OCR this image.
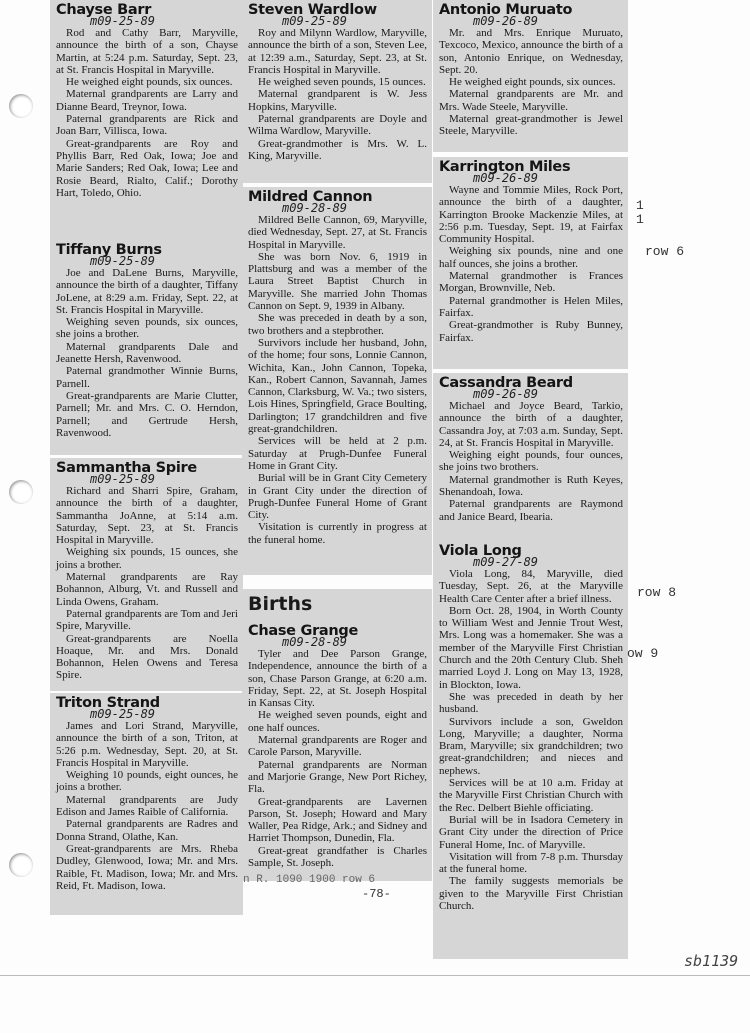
Chayse Barr
m09-25-89

Rod and Cathy Barr, Maryville, announce the birth of a son, Chayse Martin, at 5:24 p.m. Saturday, Sept. 23, at St. Francis Hospital in Maryville.

He weighed eight pounds, six ounces.

Maternal grandparents are Larry and Dianne Beard, Treynor, Iowa.

Paternal grandparents are Rick and Joan Barr, Villisca, Iowa.

Great-grandparents are Roy and Phyllis Barr, Red Oak, Iowa; Joe and Marie Sanders; Red Oak, Iowa; Lee and Rosie Beard, Rialto, Calif.; Dorothy Hart, Toledo, Ohio.

Tiffany Burns
m09-25-89

Joe and DaLene Burns, Maryville, announce the birth of a daughter, Tiffany JoLene, at 8:29 a.m. Friday, Sept. 22, at St. Francis Hospital in Maryville.

Weighing seven pounds, six ounces, she joins a brother.

Maternal grandparents Dale and Jeanette Hersh, Ravenwood.

Paternal grandmother Winnie Burns, Parnell.

Great-grandparents are Marie Clutter, Parnell; Mr. and Mrs. C. O. Herndon, Parnell; and Gertrude Hersh, Ravenwood.

Sammantha Spire
m09-25-89

Richard and Sharri Spire, Graham, announce the birth of a daughter, Sammantha JoAnne, at 5:14 a.m. Saturday, Sept. 23, at St. Francis Hospital in Maryville.

Weighing six pounds, 15 ounces, she joins a brother.

Maternal grandparents are Ray Bohannon, Alburg, Vt. and Russell and Linda Owens, Graham.

Paternal grandparents are Tom and Jeri Spire, Maryville.

Great-grandparents are Noella Hoaque, Mr. and Mrs. Donald Bohannon, Helen Owens and Teresa Spire.

Triton Strand
m09-25-89

James and Lori Strand, Maryville, announce the birth of a son, Triton, at 5:26 p.m. Wednesday, Sept. 20, at St. Francis Hospital in Maryville.

Weighing 10 pounds, eight ounces, he joins a brother.

Maternal grandparents are Judy Edison and James Raible of California.

Paternal grandparents are Radres and Donna Strand, Olathe, Kan.

Great-grandparents are Mrs. Rheba Dudley, Glenwood, Iowa; Mr. and Mrs. Raible, Ft. Madison, Iowa; Mr. and Mrs. Reid, Ft. Madison, Iowa.

Steven Wardlow
m09-25-89

Roy and Milynn Wardlow, Maryville, announce the birth of a son, Steven Lee, at 12:39 a.m., Saturday, Sept. 23, at St. Francis Hospital in Maryville.

He weighed seven pounds, 15 ounces.

Maternal grandparent is W. Jess Hopkins, Maryville.

Paternal grandparents are Doyle and Wilma Wardlow, Maryville.

Great-grandmother is Mrs. W. L. King, Maryville.

Mildred Cannon
m09-28-89

Mildred Belle Cannon, 69, Maryville, died Wednesday, Sept. 27, at St. Francis Hospital in Maryville.

She was born Nov. 6, 1919 in Plattsburg and was a member of the Laura Street Baptist Church in Maryville. She married John Thomas Cannon on Sept. 9, 1939 in Albany.

She was preceded in death by a son, two brothers and a stepbrother.

Survivors include her husband, John, of the home; four sons, Lonnie Cannon, Wichita, Kan., John Cannon, Topeka, Kan., Robert Cannon, Savannah, James Cannon, Clarksburg, W. Va.; two sisters, Lois Hines, Springfield, Grace Boulting, Darlington; 17 grandchildren and five great-grandchildren.

Services will be held at 2 p.m. Saturday at Prugh-Dunfee Funeral Home in Grant City.

Burial will be in Grant City Cemetery in Grant City under the direction of Prugh-Dunfee Funeral Home of Grant City.

Visitation is currently in progress at the funeral home.

Births
Chase Grange
m09-28-89

Tyler and Dee Parson Grange, Independence, announce the birth of a son, Chase Parson Grange, at 6:20 a.m. Friday, Sept. 22, at St. Joseph Hospital in Kansas City.

He weighed seven pounds, eight and one half ounces.

Maternal grandparents are Roger and Carole Parson, Maryville.

Paternal grandparents are Norman and Marjorie Grange, New Port Richey, Fla.

Great-grandparents are Lavernen Parson, St. Joseph; Howard and Mary Waller, Pea Ridge, Ark.; and Sidney and Harriet Thompson, Dunedin, Fla.

Great-great grandfather is Charles Sample, St. Joseph.

Antonio Muruato
m09-26-89

Mr. and Mrs. Enrique Muruato, Texcoco, Mexico, announce the birth of a son, Antonio Enrique, on Wednesday, Sept. 20.

He weighed eight pounds, six ounces.

Maternal grandparents are Mr. and Mrs. Wade Steele, Maryville.

Maternal great-grandmother is Jewel Steele, Maryville.

Karrington Miles
m09-26-89

Wayne and Tommie Miles, Rock Port, announce the birth of a daughter, Karrington Brooke Mackenzie Miles, at 2:56 p.m. Tuesday, Sept. 19, at Fairfax Community Hospital.

Weighing six pounds, nine and one half ounces, she joins a brother.

Maternal grandmother is Frances Morgan, Brownville, Neb.

Paternal grandmother is Helen Miles, Fairfax.

Great-grandmother is Ruby Bunney, Fairfax.

Cassandra Beard
m09-26-89

Michael and Joyce Beard, Tarkio, announce the birth of a daughter, Cassandra Joy, at 7:03 a.m. Sunday, Sept. 24, at St. Francis Hospital in Maryville.

Weighing eight pounds, four ounces, she joins two brothers.

Maternal grandmother is Ruth Keyes, Shenandoah, Iowa.

Paternal grandparents are Raymond and Janice Beard, Ibearia.

Viola Long
m09-27-89

Viola Long, 84, Maryville, died Tuesday, Sept. 26, at the Maryville Health Care Center after a brief illness.

Born Oct. 28, 1904, in Worth County to William West and Jennie Trout West, Mrs. Long was a homemaker. She was a member of the Maryville First Christian Church and the 20th Century Club. Sheh married Loyd J. Long on May 13, 1928, in Blockton, Iowa.

She was preceded in death by her husband.

Survivors include a son, Gweldon Long, Maryville; a daughter, Norma Bram, Maryville; six grandchildren; two great-grandchildren; and nieces and nephews.

Services will be at 10 a.m. Friday at the Maryville First Christian Church with the Rec. Delbert Biehle officiating.

Burial will be in Isadora Cemetery in Grant City under the direction of Price Funeral Home, Inc. of Maryville.

Visitation will from 7-8 p.m. Thursday at the funeral home.

The family suggests memorials be given to the Maryville First Christian Church.

1
1
row 6
row 8
ow 9
n R. 1090 1900 row 6
-78-
sb1139
